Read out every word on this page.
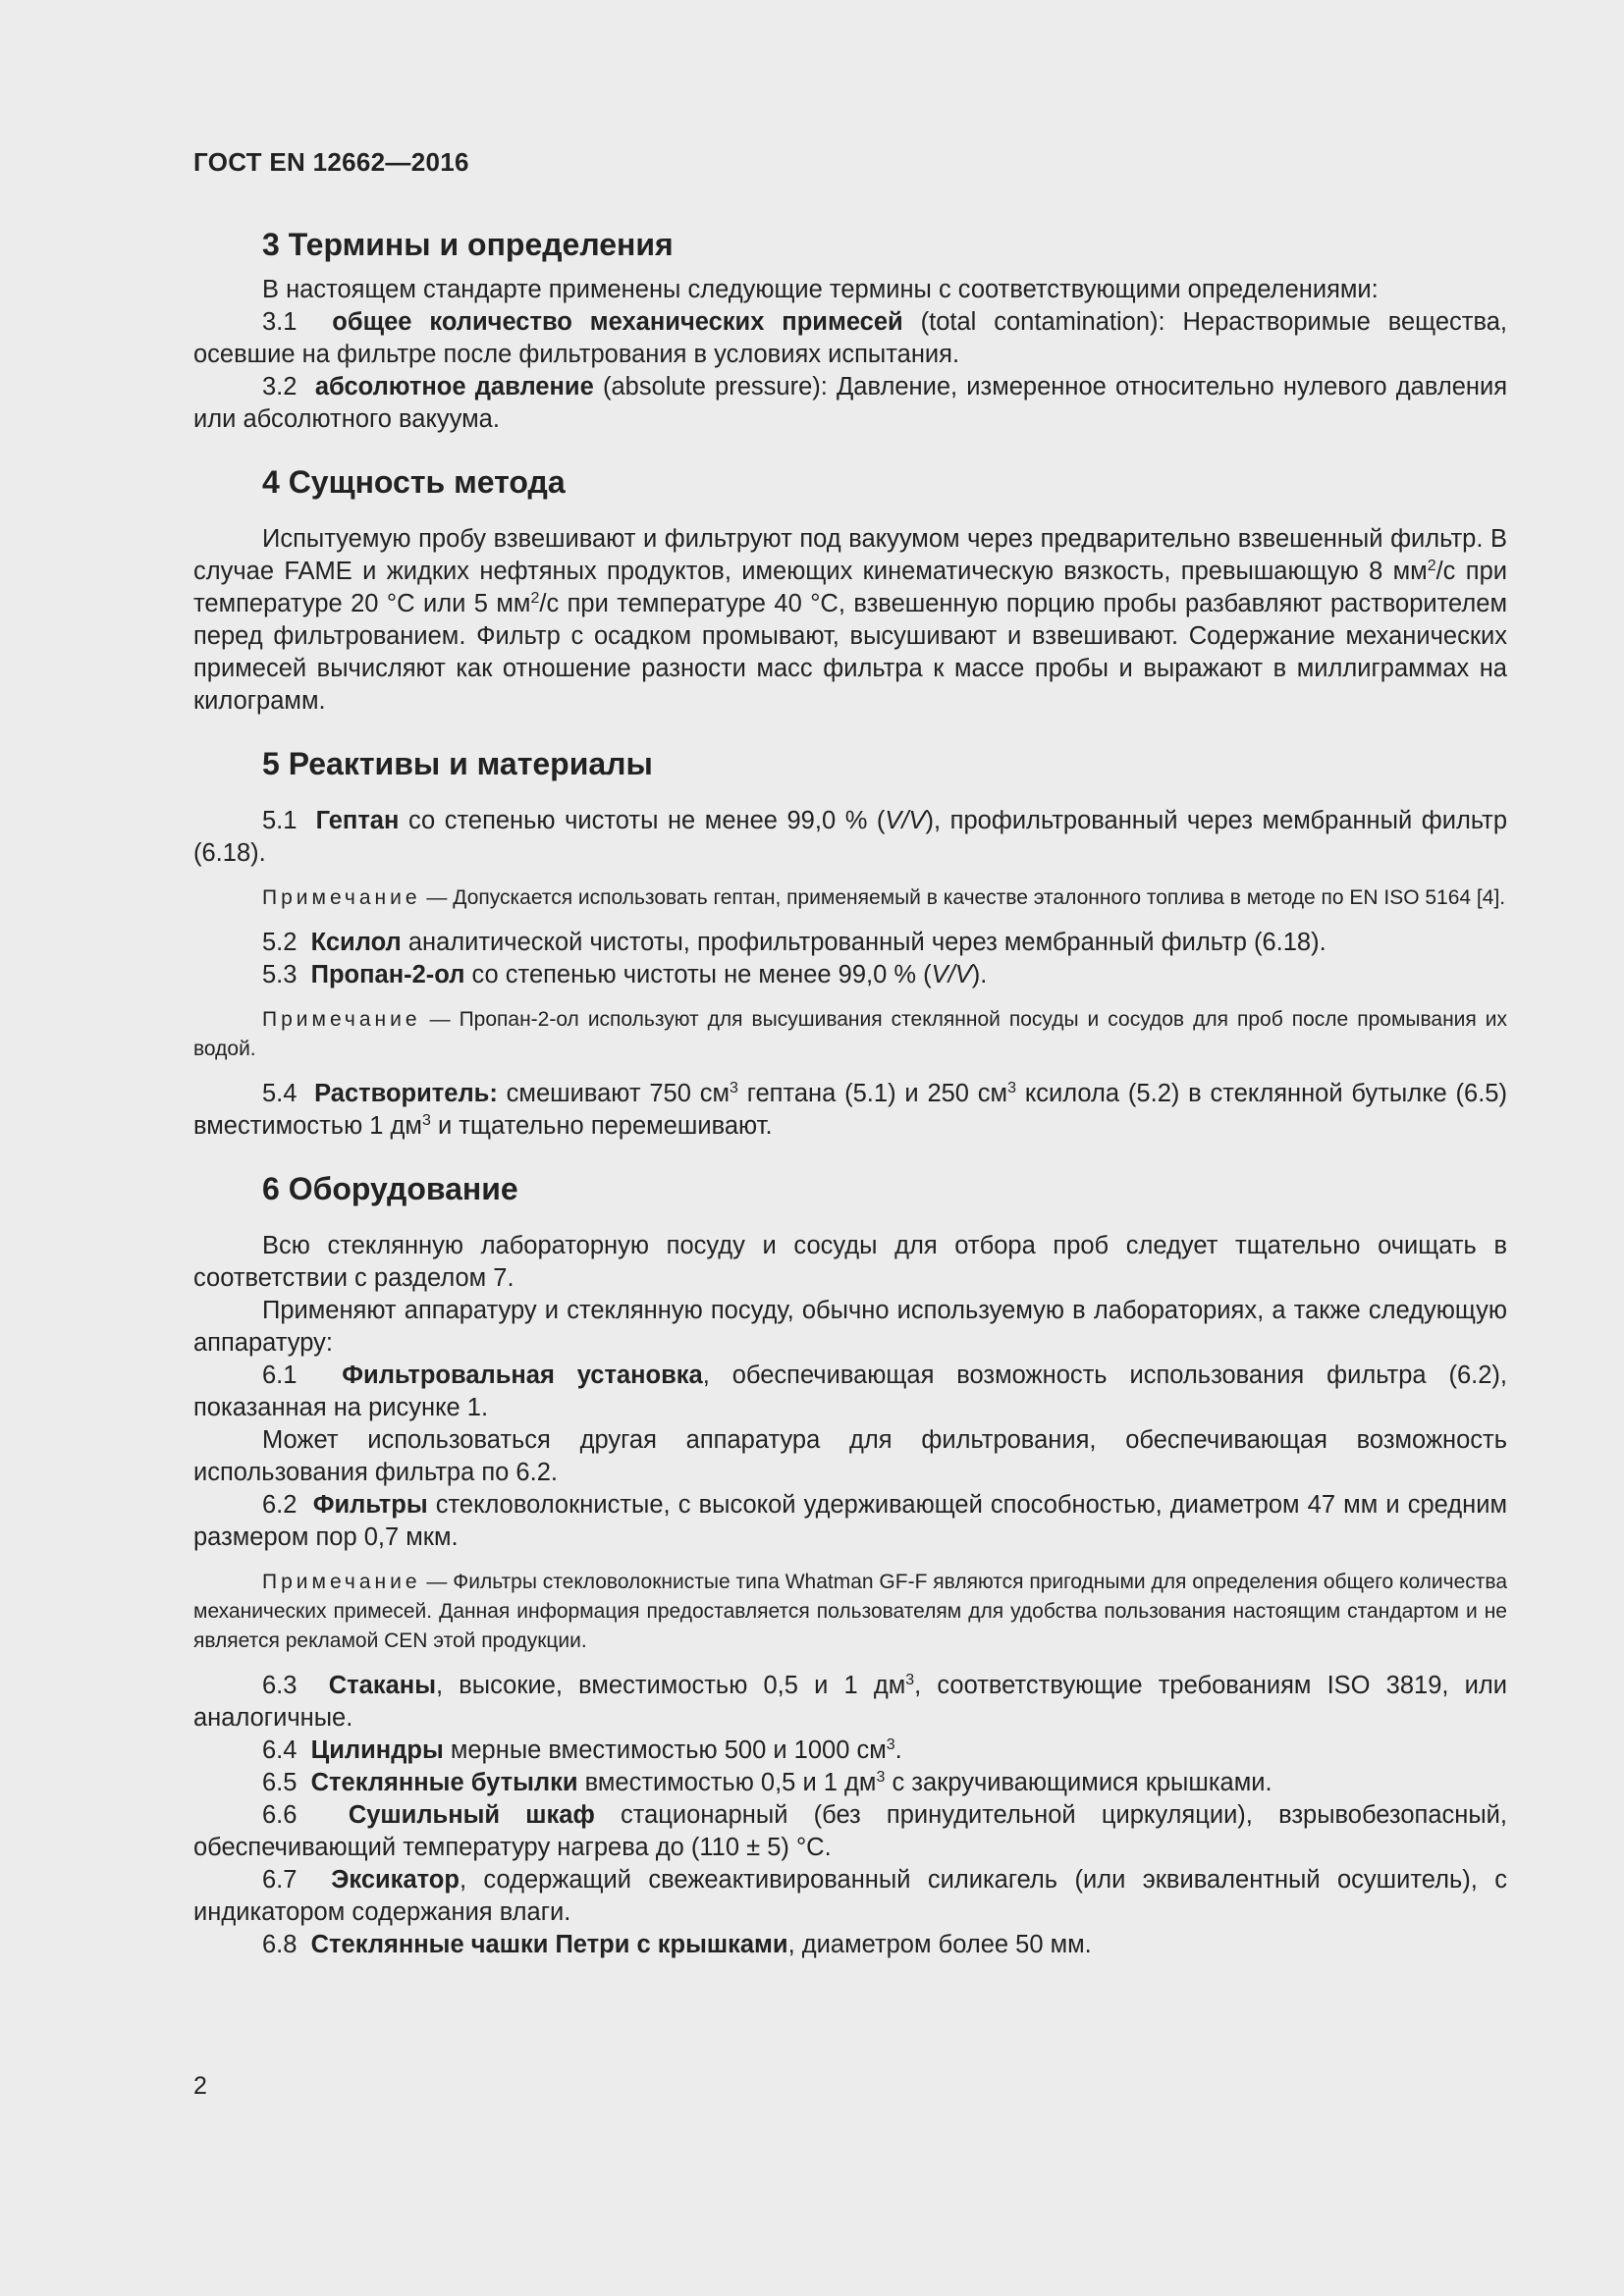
ГОСТ EN 12662—2016
3 Термины и определения

В настоящем стандарте применены следующие термины с соответствующими определениями:

3.1 общее количество механических примесей (total contamination): Нерастворимые вещества, осевшие на фильтре после фильтрования в условиях испытания.

3.2 абсолютное давление (absolute pressure): Давление, измеренное относительно нулевого давления или абсолютного вакуума.

4 Сущность метода

Испытуемую пробу взвешивают и фильтруют под вакуумом через предварительно взвешенный фильтр. В случае FAME и жидких нефтяных продуктов, имеющих кинематическую вязкость, превышающую 8 $мм^2/с$ при температуре 20 °С или 5 $мм^2/с$ при температуре 40 °С, взвешенную порцию пробы разбавляют растворителем перед фильтрованием. Фильтр с осадком промывают, высушивают и взвешивают. Содержание механических примесей вычисляют как отношение разности масс фильтра к массе пробы и выражают в миллиграммах на килограмм.

5 Реактивы и материалы

5.1 Гептан со степенью чистоты не менее 99,0 % (V/V), профильтрованный через мембранный фильтр (6.18).

Примечание — Допускается использовать гептан, применяемый в качестве эталонного топлива в методе по EN ISO 5164 [4].

5.2 Ксилол аналитической чистоты, профильтрованный через мембранный фильтр (6.18).

5.3 Пропан-2-ол со степенью чистоты не менее 99,0 % (V/V).

Примечание — Пропан-2-ол используют для высушивания стеклянной посуды и сосудов для проб после промывания их водой.

5.4 Растворитель: смешивают 750 $см^3$ гептана (5.1) и 250 $см^3$ ксилола (5.2) в стеклянной бутылке (6.5) вместимостью 1 $дм^3$ и тщательно перемешивают.

6 Оборудование

Всю стеклянную лабораторную посуду и сосуды для отбора проб следует тщательно очищать в соответствии с разделом 7.

Применяют аппаратуру и стеклянную посуду, обычно используемую в лабораториях, а также следующую аппаратуру:

6.1 Фильтровальная установка, обеспечивающая возможность использования фильтра (6.2), показанная на рисунке 1.

Может использоваться другая аппаратура для фильтрования, обеспечивающая возможность использования фильтра по 6.2.

6.2 Фильтры стекловолокнистые, с высокой удерживающей способностью, диаметром 47 мм и средним размером пор 0,7 мкм.

Примечание — Фильтры стекловолокнистые типа Whatman GF-F являются пригодными для определения общего количества механических примесей. Данная информация предоставляется пользователям для удобства пользования настоящим стандартом и не является рекламой CEN этой продукции.

6.3 Стаканы, высокие, вместимостью 0,5 и 1 $дм^3$, соответствующие требованиям ISO 3819, или аналогичные.

6.4 Цилиндры мерные вместимостью 500 и 1000 $см^3$.

6.5 Стеклянные бутылки вместимостью 0,5 и 1 $дм^3$ с закручивающимися крышками.

6.6 Сушильный шкаф стационарный (без принудительной циркуляции), взрывобезопасный, обеспечивающий температуру нагрева до (110 ± 5) °С.

6.7 Эксикатор, содержащий свежеактивированный силикагель (или эквивалентный осушитель), с индикатором содержания влаги.

6.8 Стеклянные чашки Петри с крышками, диаметром более 50 мм.

2
